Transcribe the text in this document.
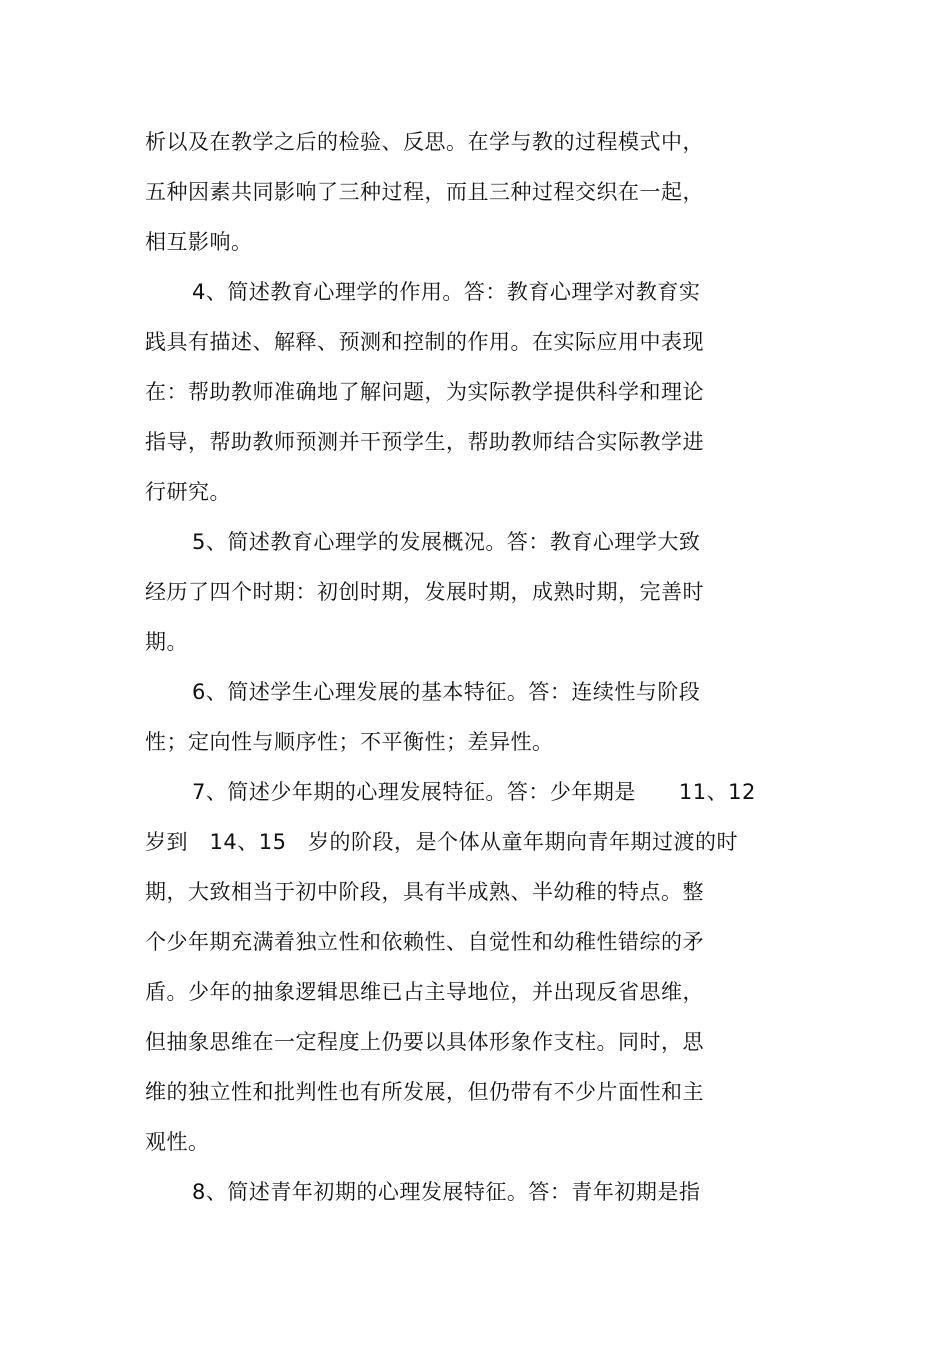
析以及在教学之后的检验、反思。在学与教的过程模式中，
五种因素共同影响了三种过程，而且三种过程交织在一起，
相互影响。
4、简述教育心理学的作用。答：教育心理学对教育实
践具有描述、解释、预测和控制的作用。在实际应用中表现
在：帮助教师准确地了解问题，为实际教学提供科学和理论
指导，帮助教师预测并干预学生，帮助教师结合实际教学进
行研究。
5、简述教育心理学的发展概况。答：教育心理学大致
经历了四个时期：初创时期，发展时期，成熟时期，完善时
期。
6、简述学生心理发展的基本特征。答：连续性与阶段
性；定向性与顺序性；不平衡性；差异性。
7、简述少年期的心理发展特征。答：少年期是　　11、12
岁到　14、15　岁的阶段，是个体从童年期向青年期过渡的时
期，大致相当于初中阶段，具有半成熟、半幼稚的特点。整
个少年期充满着独立性和依赖性、自觉性和幼稚性错综的矛
盾。少年的抽象逻辑思维已占主导地位，并出现反省思维，
但抽象思维在一定程度上仍要以具体形象作支柱。同时，思
维的独立性和批判性也有所发展，但仍带有不少片面性和主
观性。
8、简述青年初期的心理发展特征。答：青年初期是指
